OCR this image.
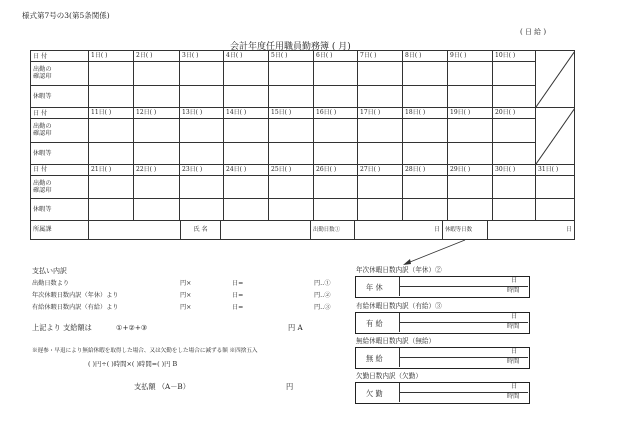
様式第7号の3(第5条関係)
( 日 給 )
会計年度任用職員勤務簿 ( 月)
日 付	1日( )	2日( )	3日( )	4日( )	5日( )	6日( )	7日( )	8日( )	9日( )	10日( )	

出勤の
確認印											
休暇等											
日 付	11日( )	12日( )	13日( )	14日( )	15日( )	16日( )	17日( )	18日( )	19日( )	20日( )	

出勤の
確認印											
休暇等											
日 付	21日( )	22日( )	23日( )	24日( )	25日( )	26日( )	27日( )	28日( )	29日( )	30日( )	31日( )
出勤の
確認印											
休暇等											
所属課		氏 名		出勤日数①	日	休暇等日数	日
支払い内訳
出勤日数より	円×	日=	円‥①
年次休暇日数内訳（年休）より	円×	日=	円‥②
有給休暇日数内訳（有給）より	円×	日=	円‥③
上記より 支給額は	①+②+③	円 A
※遅参・早退により無給休暇を取得した場合、又は欠勤をした場合に減ずる額 ※四捨五入
( )円÷( )時間×( )時間=( )円 B
支払額 （A－B）	円
年次休暇日数内訳（年休）②
年 休
日
時間
有給休暇日数内訳（有給）③
有 給
日
時間
無給休暇日数内訳（無給）
無 給
日
時間
欠勤日数内訳（欠勤）
欠 勤
日
時間
